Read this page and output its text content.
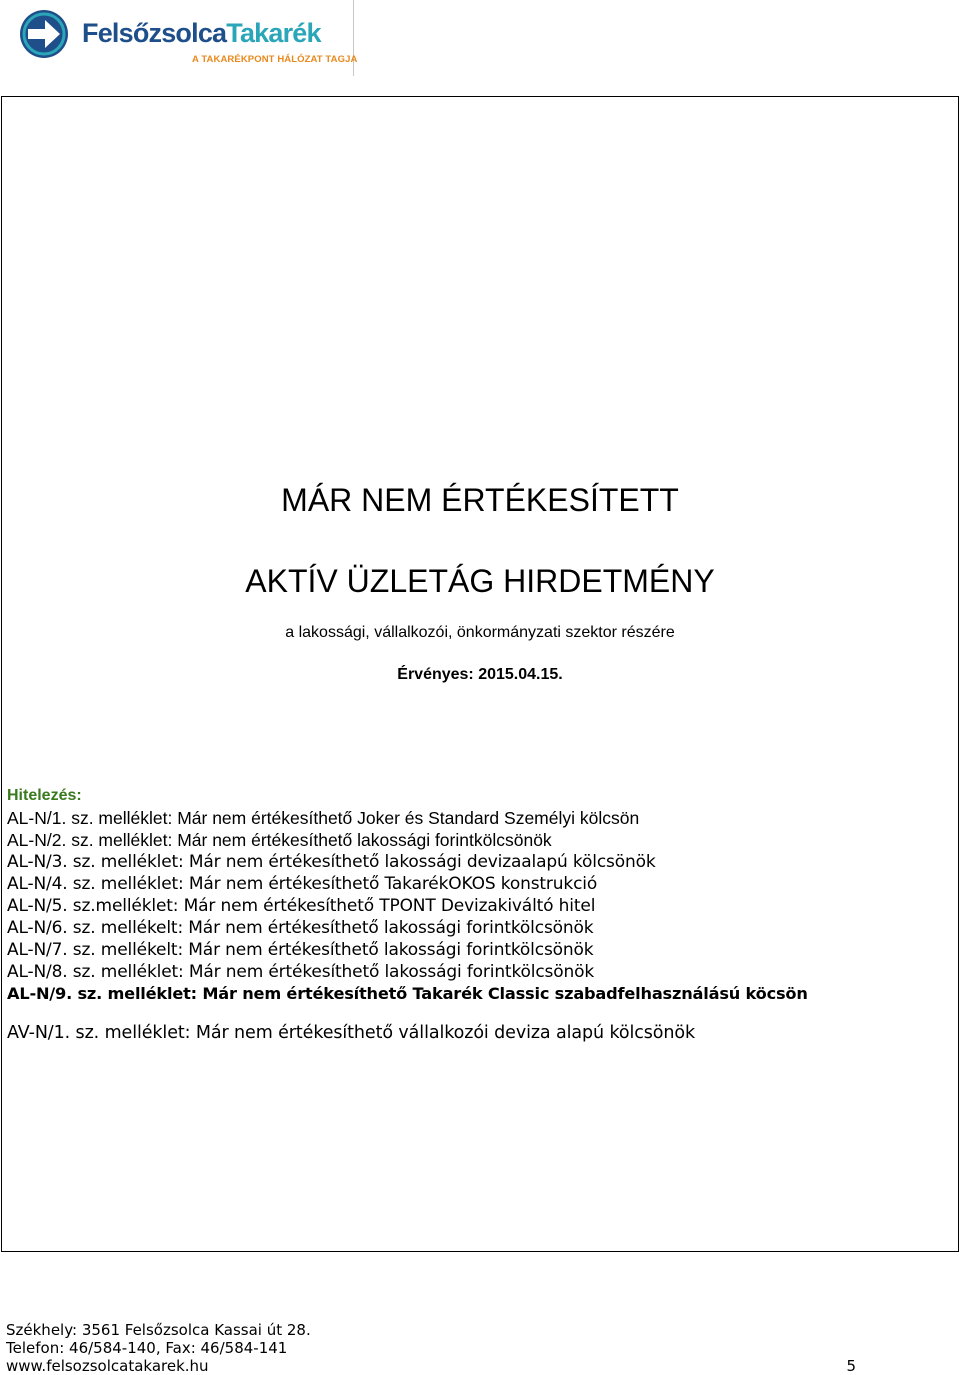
FelsőzsolcaTakarék
A TAKARÉKPONT HÁLÓZAT TAGJA
MÁR NEM ÉRTÉKESÍTETT
AKTÍV ÜZLETÁG HIRDETMÉNY
a lakossági, vállalkozói, önkormányzati szektor részére
Érvényes: 2015.04.15.
Hitelezés:
AL-N/1. sz. melléklet: Már nem értékesíthető Joker és Standard Személyi kölcsön
AL-N/2. sz. melléklet: Már nem értékesíthető lakossági forintkölcsönök
AL-N/3. sz. melléklet: Már nem értékesíthető lakossági devizaalapú kölcsönök
AL-N/4. sz. melléklet: Már nem értékesíthető TakarékOKOS konstrukció
AL-N/5. sz.melléklet: Már nem értékesíthető TPONT Devizakiváltó hitel
AL-N/6. sz. mellékelt: Már nem értékesíthető lakossági forintkölcsönök
AL-N/7. sz. mellékelt: Már nem értékesíthető lakossági forintkölcsönök
AL-N/8. sz. melléklet: Már nem értékesíthető lakossági forintkölcsönök
AL-N/9. sz. melléklet: Már nem értékesíthető Takarék Classic szabadfelhasználású köcsön
AV-N/1. sz. melléklet: Már nem értékesíthető vállalkozói deviza alapú kölcsönök
Székhely: 3561 Felsőzsolca Kassai út 28.
Telefon: 46/584-140, Fax: 46/584-141
www.felsozsolcatakarek.hu	5
